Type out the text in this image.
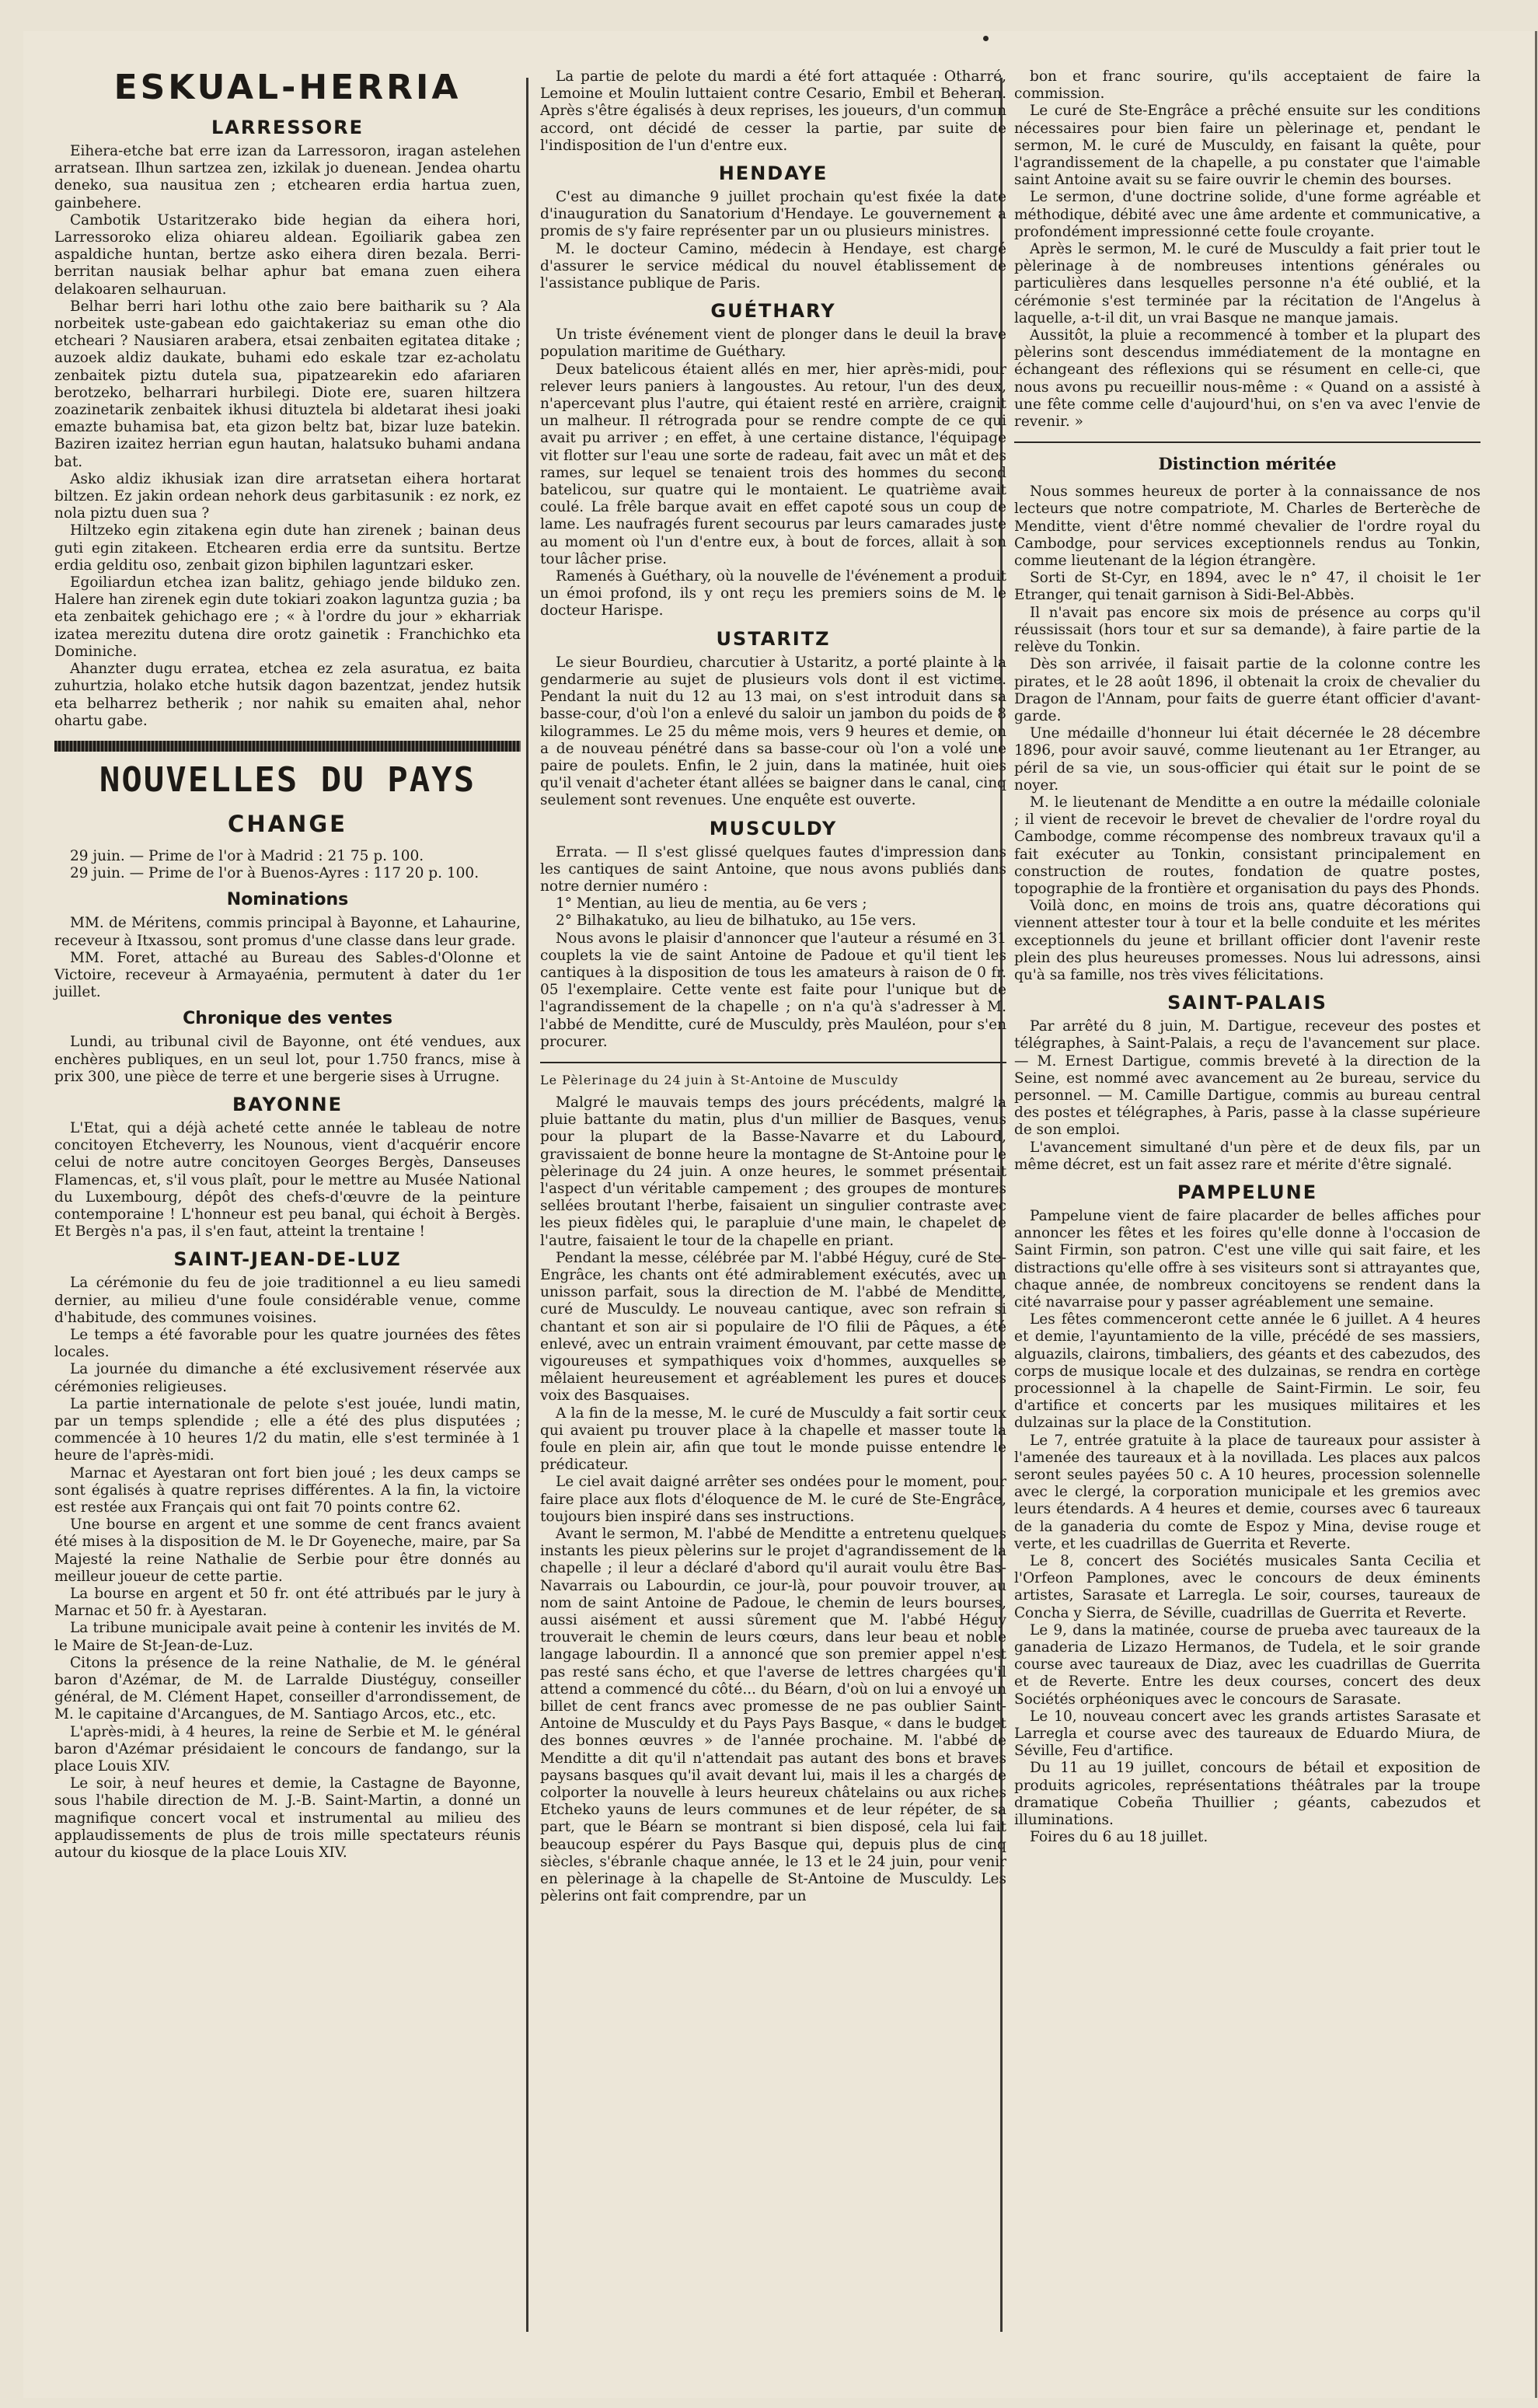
ESKUAL-HERRIA
LARRESSORE

Eihera-etche bat erre izan da Larressoron, iragan astelehen arratsean. Ilhun sartzea zen, izkilak jo duenean. Jendea ohartu deneko, sua nausitua zen ; etchearen erdia hartua zuen, gainbehere.

Cambotik Ustaritzerako bide hegian da eihera hori, Larressoroko eliza ohiareu aldean. Egoiliarik gabea zen aspaldiche huntan, bertze asko eihera diren bezala. Berri-berritan nausiak belhar aphur bat emana zuen eihera delakoaren selhauruan.

Belhar berri hari lothu othe zaio bere baitharik su ? Ala norbeitek uste-gabean edo gaichtakeriaz su eman othe dio etcheari ? Nausiaren arabera, etsai zenbaiten egitatea ditake ; auzoek aldiz daukate, buhami edo eskale tzar ez-acholatu zenbaitek piztu dutela sua, pipatzearekin edo afariaren berotzeko, belharrari hurbilegi. Diote ere, suaren hiltzera zoazinetarik zenbaitek ikhusi dituztela bi aldetarat ihesi joaki emazte buhamisa bat, eta gizon beltz bat, bizar luze batekin. Baziren izaitez herrian egun hautan, halatsuko buhami andana bat.

Asko aldiz ikhusiak izan dire arratsetan eihera hortarat biltzen. Ez jakin ordean nehork deus garbitasunik : ez nork, ez nola piztu duen sua ?

Hiltzeko egin zitakena egin dute han zirenek ; bainan deus guti egin zitakeen. Etchearen erdia erre da suntsitu. Bertze erdia gelditu oso, zenbait gizon biphilen laguntzari esker.

Egoiliardun etchea izan balitz, gehiago jende bilduko zen. Halere han zirenek egin dute tokiari zoakon laguntza guzia ; ba eta zenbaitek gehichago ere ; « à l'ordre du jour » ekharriak izatea merezitu dutena dire orotz gainetik : Franchichko eta Dominiche.

Ahanzter dugu erratea, etchea ez zela asuratua, ez baita zuhurtzia, holako etche hutsik dagon bazentzat, jendez hutsik eta belharrez betherik ; nor nahik su emaiten ahal, nehor ohartu gabe.

NOUVELLES DU PAYS
CHANGE

29 juin. — Prime de l'or à Madrid : 21 75 p. 100.

29 juin. — Prime de l'or à Buenos-Ayres : 117 20 p. 100.

Nominations

MM. de Méritens, commis principal à Bayonne, et Lahaurine, receveur à Itxassou, sont promus d'une classe dans leur grade.

MM. Foret, attaché au Bureau des Sables-d'Olonne et Victoire, receveur à Armayaénia, permutent à dater du 1er juillet.

Chronique des ventes

Lundi, au tribunal civil de Bayonne, ont été vendues, aux enchères publiques, en un seul lot, pour 1.750 francs, mise à prix 300, une pièce de terre et une bergerie sises à Urrugne.

BAYONNE

L'Etat, qui a déjà acheté cette année le tableau de notre concitoyen Etcheverry, les Nounous, vient d'acquérir encore celui de notre autre concitoyen Georges Bergès, Danseuses Flamencas, et, s'il vous plaît, pour le mettre au Musée National du Luxembourg, dépôt des chefs-d'œuvre de la peinture contemporaine ! L'honneur est peu banal, qui échoit à Bergès. Et Bergès n'a pas, il s'en faut, atteint la trentaine !

SAINT-JEAN-DE-LUZ

La cérémonie du feu de joie traditionnel a eu lieu samedi dernier, au milieu d'une foule considérable venue, comme d'habitude, des communes voisines.

Le temps a été favorable pour les quatre journées des fêtes locales.

La journée du dimanche a été exclusivement réservée aux cérémonies religieuses.

La partie internationale de pelote s'est jouée, lundi matin, par un temps splendide ; elle a été des plus disputées ; commencée à 10 heures 1/2 du matin, elle s'est terminée à 1 heure de l'après-midi.

Marnac et Ayestaran ont fort bien joué ; les deux camps se sont égalisés à quatre reprises différentes. A la fin, la victoire est restée aux Français qui ont fait 70 points contre 62.

Une bourse en argent et une somme de cent francs avaient été mises à la disposition de M. le Dr Goyeneche, maire, par Sa Majesté la reine Nathalie de Serbie pour être donnés au meilleur joueur de cette partie.

La bourse en argent et 50 fr. ont été attribués par le jury à Marnac et 50 fr. à Ayestaran.

La tribune municipale avait peine à contenir les invités de M. le Maire de St-Jean-de-Luz.

Citons la présence de la reine Nathalie, de M. le général baron d'Azémar, de M. de Larralde Diustéguy, conseiller général, de M. Clément Hapet, conseiller d'arrondissement, de M. le capitaine d'Arcangues, de M. Santiago Arcos, etc., etc.

L'après-midi, à 4 heures, la reine de Serbie et M. le général baron d'Azémar présidaient le concours de fandango, sur la place Louis XIV.

Le soir, à neuf heures et demie, la Castagne de Bayonne, sous l'habile direction de M. J.-B. Saint-Martin, a donné un magnifique concert vocal et instrumental au milieu des applaudissements de plus de trois mille spectateurs réunis autour du kiosque de la place Louis XIV.

La partie de pelote du mardi a été fort attaquée : Otharré, Lemoine et Moulin luttaient contre Cesario, Embil et Beheran. Après s'être égalisés à deux reprises, les joueurs, d'un commun accord, ont décidé de cesser la partie, par suite de l'indisposition de l'un d'entre eux.

HENDAYE

C'est au dimanche 9 juillet prochain qu'est fixée la date d'inauguration du Sanatorium d'Hendaye. Le gouvernement a promis de s'y faire représenter par un ou plusieurs ministres.

M. le docteur Camino, médecin à Hendaye, est chargé d'assurer le service médical du nouvel établissement de l'assistance publique de Paris.

GUÉTHARY

Un triste événement vient de plonger dans le deuil la brave population maritime de Guéthary.

Deux batelicous étaient allés en mer, hier après-midi, pour relever leurs paniers à langoustes. Au retour, l'un des deux, n'apercevant plus l'autre, qui étaient resté en arrière, craignit un malheur. Il rétrograda pour se rendre compte de ce qui avait pu arriver ; en effet, à une certaine distance, l'équipage vit flotter sur l'eau une sorte de radeau, fait avec un mât et des rames, sur lequel se tenaient trois des hommes du second batelicou, sur quatre qui le montaient. Le quatrième avait coulé. La frêle barque avait en effet capoté sous un coup de lame. Les naufragés furent secourus par leurs camarades juste au moment où l'un d'entre eux, à bout de forces, allait à son tour lâcher prise.

Ramenés à Guéthary, où la nouvelle de l'événement a produit un émoi profond, ils y ont reçu les premiers soins de M. le docteur Harispe.

USTARITZ

Le sieur Bourdieu, charcutier à Ustaritz, a porté plainte à la gendarmerie au sujet de plusieurs vols dont il est victime. Pendant la nuit du 12 au 13 mai, on s'est introduit dans sa basse-cour, d'où l'on a enlevé du saloir un jambon du poids de 8 kilogrammes. Le 25 du même mois, vers 9 heures et demie, on a de nouveau pénétré dans sa basse-cour où l'on a volé une paire de poulets. Enfin, le 2 juin, dans la matinée, huit oies qu'il venait d'acheter étant allées se baigner dans le canal, cinq seulement sont revenues. Une enquête est ouverte.

MUSCULDY

Errata. — Il s'est glissé quelques fautes d'impression dans les cantiques de saint Antoine, que nous avons publiés dans notre dernier numéro :

1° Mentian, au lieu de mentia, au 6e vers ;

2° Bilhakatuko, au lieu de bilhatuko, au 15e vers.

Nous avons le plaisir d'annoncer que l'auteur a résumé en 31 couplets la vie de saint Antoine de Padoue et qu'il tient les cantiques à la disposition de tous les amateurs à raison de 0 fr. 05 l'exemplaire. Cette vente est faite pour l'unique but de l'agrandissement de la chapelle ; on n'a qu'à s'adresser à M. l'abbé de Menditte, curé de Musculdy, près Mauléon, pour s'en procurer.

Le Pèlerinage du 24 juin à St-Antoine de Musculdy

Malgré le mauvais temps des jours précédents, malgré la pluie battante du matin, plus d'un millier de Basques, venus pour la plupart de la Basse-Navarre et du Labourd, gravissaient de bonne heure la montagne de St-Antoine pour le pèlerinage du 24 juin. A onze heures, le sommet présentait l'aspect d'un véritable campement ; des groupes de montures sellées broutant l'herbe, faisaient un singulier contraste avec les pieux fidèles qui, le parapluie d'une main, le chapelet de l'autre, faisaient le tour de la chapelle en priant.

Pendant la messe, célébrée par M. l'abbé Héguy, curé de Ste-Engrâce, les chants ont été admirablement exécutés, avec un unisson parfait, sous la direction de M. l'abbé de Menditte, curé de Musculdy. Le nouveau cantique, avec son refrain si chantant et son air si populaire de l'O filii de Pâques, a été enlevé, avec un entrain vraiment émouvant, par cette masse de vigoureuses et sympathiques voix d'hommes, auxquelles se mêlaient heureusement et agréablement les pures et douces voix des Basquaises.

A la fin de la messe, M. le curé de Musculdy a fait sortir ceux qui avaient pu trouver place à la chapelle et masser toute la foule en plein air, afin que tout le monde puisse entendre le prédicateur.

Le ciel avait daigné arrêter ses ondées pour le moment, pour faire place aux flots d'éloquence de M. le curé de Ste-Engrâce, toujours bien inspiré dans ses instructions.

Avant le sermon, M. l'abbé de Menditte a entretenu quelques instants les pieux pèlerins sur le projet d'agrandissement de la chapelle ; il leur a déclaré d'abord qu'il aurait voulu être Bas-Navarrais ou Labourdin, ce jour-là, pour pouvoir trouver, au nom de saint Antoine de Padoue, le chemin de leurs bourses, aussi aisément et aussi sûrement que M. l'abbé Héguy trouverait le chemin de leurs cœurs, dans leur beau et noble langage labourdin. Il a annoncé que son premier appel n'est pas resté sans écho, et que l'averse de lettres chargées qu'il attend a commencé du côté... du Béarn, d'où on lui a envoyé un billet de cent francs avec promesse de ne pas oublier Saint-Antoine de Musculdy et du Pays Pays Basque, « dans le budget des bonnes œuvres » de l'année prochaine. M. l'abbé de Menditte a dit qu'il n'attendait pas autant des bons et braves paysans basques qu'il avait devant lui, mais il les a chargés de colporter la nouvelle à leurs heureux châtelains ou aux riches Etcheko yauns de leurs communes et de leur répéter, de sa part, que le Béarn se montrant si bien disposé, cela lui fait beaucoup espérer du Pays Basque qui, depuis plus de cinq siècles, s'ébranle chaque année, le 13 et le 24 juin, pour venir en pèlerinage à la chapelle de St-Antoine de Musculdy. Les pèlerins ont fait comprendre, par un

bon et franc sourire, qu'ils acceptaient de faire la commission.

Le curé de Ste-Engrâce a prêché ensuite sur les conditions nécessaires pour bien faire un pèlerinage et, pendant le sermon, M. le curé de Musculdy, en faisant la quête, pour l'agrandissement de la chapelle, a pu constater que l'aimable saint Antoine avait su se faire ouvrir le chemin des bourses.

Le sermon, d'une doctrine solide, d'une forme agréable et méthodique, débité avec une âme ardente et communicative, a profondément impressionné cette foule croyante.

Après le sermon, M. le curé de Musculdy a fait prier tout le pèlerinage à de nombreuses intentions générales ou particulières dans lesquelles personne n'a été oublié, et la cérémonie s'est terminée par la récitation de l'Angelus à laquelle, a-t-il dit, un vrai Basque ne manque jamais.

Aussitôt, la pluie a recommencé à tomber et la plupart des pèlerins sont descendus immédiatement de la montagne en échangeant des réflexions qui se résument en celle-ci, que nous avons pu recueillir nous-même : « Quand on a assisté à une fête comme celle d'aujourd'hui, on s'en va avec l'envie de revenir. »

Distinction méritée

Nous sommes heureux de porter à la connaissance de nos lecteurs que notre compatriote, M. Charles de Berterèche de Menditte, vient d'être nommé chevalier de l'ordre royal du Cambodge, pour services exceptionnels rendus au Tonkin, comme lieutenant de la légion étrangère.

Sorti de St-Cyr, en 1894, avec le n° 47, il choisit le 1er Etranger, qui tenait garnison à Sidi-Bel-Abbès.

Il n'avait pas encore six mois de présence au corps qu'il réussissait (hors tour et sur sa demande), à faire partie de la relève du Tonkin.

Dès son arrivée, il faisait partie de la colonne contre les pirates, et le 28 août 1896, il obtenait la croix de chevalier du Dragon de l'Annam, pour faits de guerre étant officier d'avant-garde.

Une médaille d'honneur lui était décernée le 28 décembre 1896, pour avoir sauvé, comme lieutenant au 1er Etranger, au péril de sa vie, un sous-officier qui était sur le point de se noyer.

M. le lieutenant de Menditte a en outre la médaille coloniale ; il vient de recevoir le brevet de chevalier de l'ordre royal du Cambodge, comme récompense des nombreux travaux qu'il a fait exécuter au Tonkin, consistant principalement en construction de routes, fondation de quatre postes, topographie de la frontière et organisation du pays des Phonds.

Voilà donc, en moins de trois ans, quatre décorations qui viennent attester tour à tour et la belle conduite et les mérites exceptionnels du jeune et brillant officier dont l'avenir reste plein des plus heureuses promesses. Nous lui adressons, ainsi qu'à sa famille, nos très vives félicitations.

SAINT-PALAIS

Par arrêté du 8 juin, M. Dartigue, receveur des postes et télégraphes, à Saint-Palais, a reçu de l'avancement sur place. — M. Ernest Dartigue, commis breveté à la direction de la Seine, est nommé avec avancement au 2e bureau, service du personnel. — M. Camille Dartigue, commis au bureau central des postes et télégraphes, à Paris, passe à la classe supérieure de son emploi.

L'avancement simultané d'un père et de deux fils, par un même décret, est un fait assez rare et mérite d'être signalé.

PAMPELUNE

Pampelune vient de faire placarder de belles affiches pour annoncer les fêtes et les foires qu'elle donne à l'occasion de Saint Firmin, son patron. C'est une ville qui sait faire, et les distractions qu'elle offre à ses visiteurs sont si attrayantes que, chaque année, de nombreux concitoyens se rendent dans la cité navarraise pour y passer agréablement une semaine.

Les fêtes commenceront cette année le 6 juillet. A 4 heures et demie, l'ayuntamiento de la ville, précédé de ses massiers, alguazils, clairons, timbaliers, des géants et des cabezudos, des corps de musique locale et des dulzainas, se rendra en cortège processionnel à la chapelle de Saint-Firmin. Le soir, feu d'artifice et concerts par les musiques militaires et les dulzainas sur la place de la Constitution.

Le 7, entrée gratuite à la place de taureaux pour assister à l'amenée des taureaux et à la novillada. Les places aux palcos seront seules payées 50 c. A 10 heures, procession solennelle avec le clergé, la corporation municipale et les gremios avec leurs étendards. A 4 heures et demie, courses avec 6 taureaux de la ganaderia du comte de Espoz y Mina, devise rouge et verte, et les cuadrillas de Guerrita et Reverte.

Le 8, concert des Sociétés musicales Santa Cecilia et l'Orfeon Pamplones, avec le concours de deux éminents artistes, Sarasate et Larregla. Le soir, courses, taureaux de Concha y Sierra, de Séville, cuadrillas de Guerrita et Reverte.

Le 9, dans la matinée, course de prueba avec taureaux de la ganaderia de Lizazo Hermanos, de Tudela, et le soir grande course avec taureaux de Diaz, avec les cuadrillas de Guerrita et de Reverte. Entre les deux courses, concert des deux Sociétés orphéoniques avec le concours de Sarasate.

Le 10, nouveau concert avec les grands artistes Sarasate et Larregla et course avec des taureaux de Eduardo Miura, de Séville, Feu d'artifice.

Du 11 au 19 juillet, concours de bétail et exposition de produits agricoles, représentations théâtrales par la troupe dramatique Cobeña Thuillier ; géants, cabezudos et illuminations.

Foires du 6 au 18 juillet.
